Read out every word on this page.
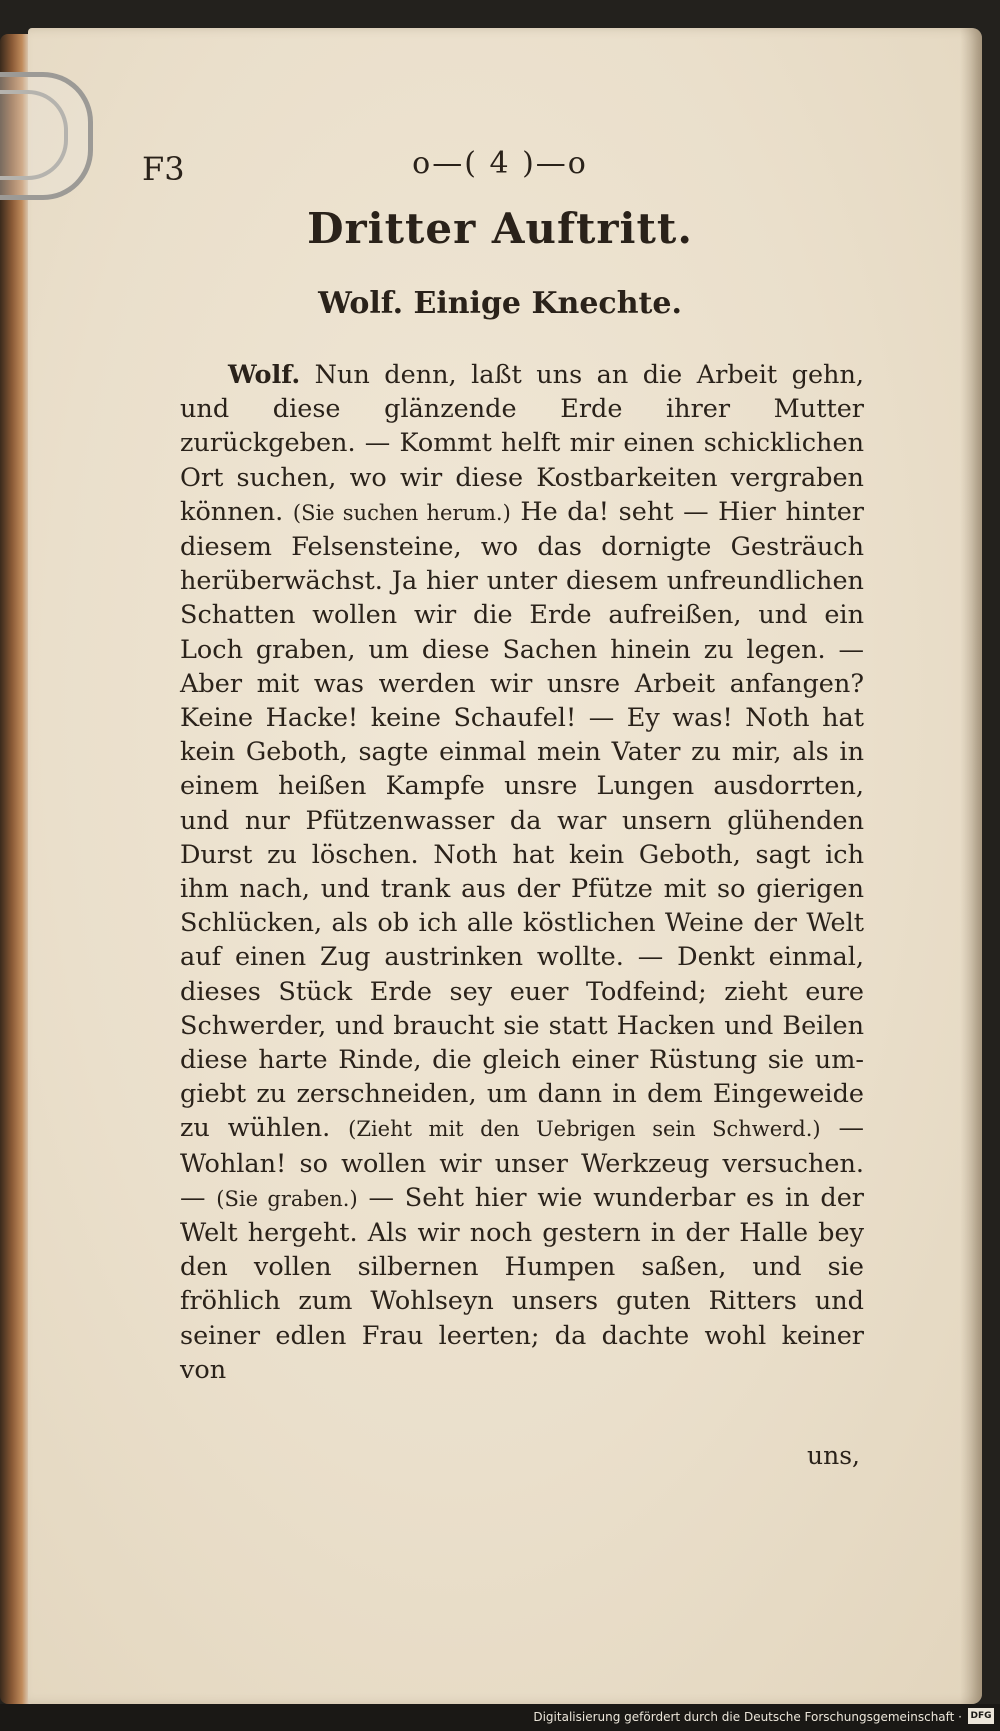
F3	o—( 4 )—o
Dritter Auftritt.
Wolf. Einige Knechte.
Wolf. Nun denn, laßt uns an die Arbeit gehn, und diese glänzende Erde ihrer Mutter zurückgeben. — Kommt helft mir einen schicklichen Ort suchen, wo wir diese Kostbarkeiten vergraben können. (Sie suchen herum.) He da! seht — Hier hinter diesem Felsensteine, wo das dornigte Gesträuch herüberwächst. Ja hier unter diesem unfreundlichen Schatten wollen wir die Erde aufreißen, und ein Loch graben, um diese Sachen hinein zu legen. — Aber mit was werden wir unsre Arbeit anfangen? Keine Hacke! keine Schaufel! — Ey was! Noth hat kein Geboth, sagte einmal mein Vater zu mir, als in einem heißen Kampfe unsre Lungen ausdorrten, und nur Pfützenwasser da war unsern glühenden Durst zu löschen. Noth hat kein Geboth, sagt ich ihm nach, und trank aus der Pfütze mit so gierigen Schlücken, als ob ich alle köstlichen Weine der Welt auf einen Zug austrinken wollte. — Denkt einmal, dieses Stück Erde sey euer Todfeind; zieht eure Schwerder, und braucht sie statt Hacken und Beilen diese harte Rinde, die gleich einer Rüstung sie umgiebt zu zerschneiden, um dann in dem Eingeweide zu wühlen. (Zieht mit den Uebrigen sein Schwerd.) — Wohlan! so wollen wir unser Werkzeug versuchen. — (Sie graben.) — Seht hier wie wunderbar es in der Welt hergeht. Als wir noch gestern in der Halle bey den vollen silbernen Humpen saßen, und sie fröhlich zum Wohlseyn unsers guten Ritters und seiner edlen Frau leerten; da dachte wohl keiner von
uns,
Digitalisierung gefördert durch die Deutsche Forschungsgemeinschaft · DFG
